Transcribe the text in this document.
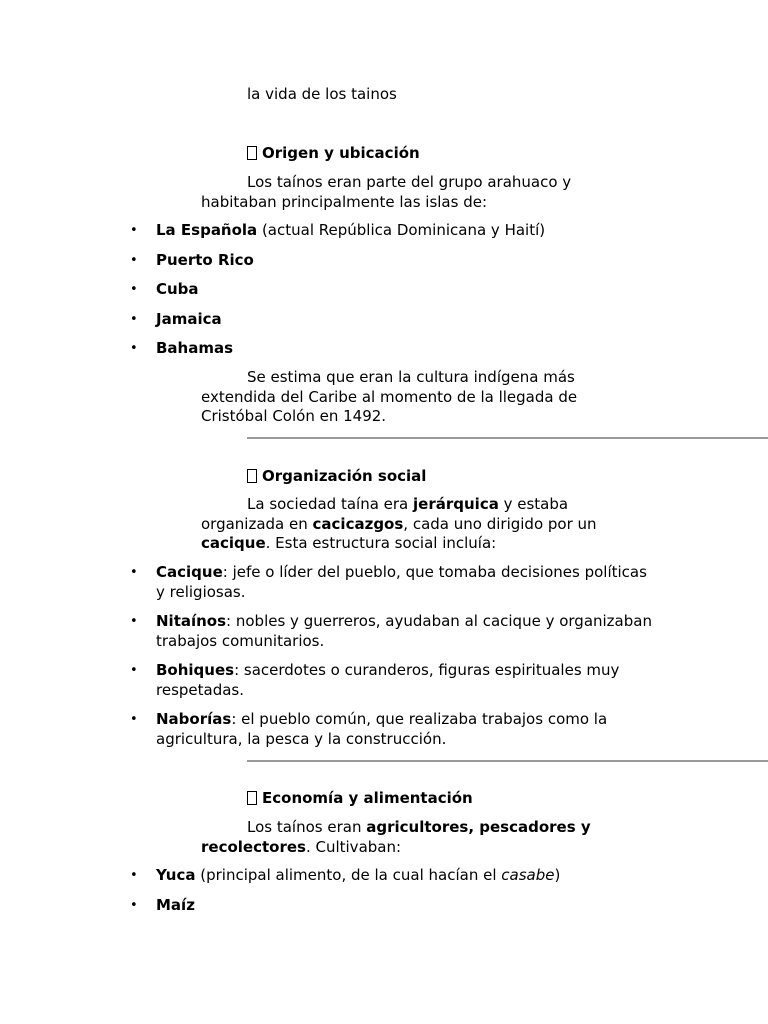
la vida de los tainos
Origen y ubicación
Los taínos eran parte del grupo arahuaco y habitaban principalmente las islas de:
• La Española (actual República Dominicana y Haití)
• Puerto Rico
• Cuba
• Jamaica
• Bahamas
Se estima que eran la cultura indígena más extendida del Caribe al momento de la llegada de Cristóbal Colón en 1492.
Organización social
La sociedad taína era jerárquica y estaba organizada en cacicazgos, cada uno dirigido por un cacique. Esta estructura social incluía:
• Cacique: jefe o líder del pueblo, que tomaba decisiones políticas y religiosas.
• Nitaínos: nobles y guerreros, ayudaban al cacique y organizaban trabajos comunitarios.
• Bohiques: sacerdotes o curanderos, figuras espirituales muy respetadas.
• Naborías: el pueblo común, que realizaba trabajos como la agricultura, la pesca y la construcción.
Economía y alimentación
Los taínos eran agricultores, pescadores y recolectores. Cultivaban:
• Yuca (principal alimento, de la cual hacían el casabe)
• Maíz
